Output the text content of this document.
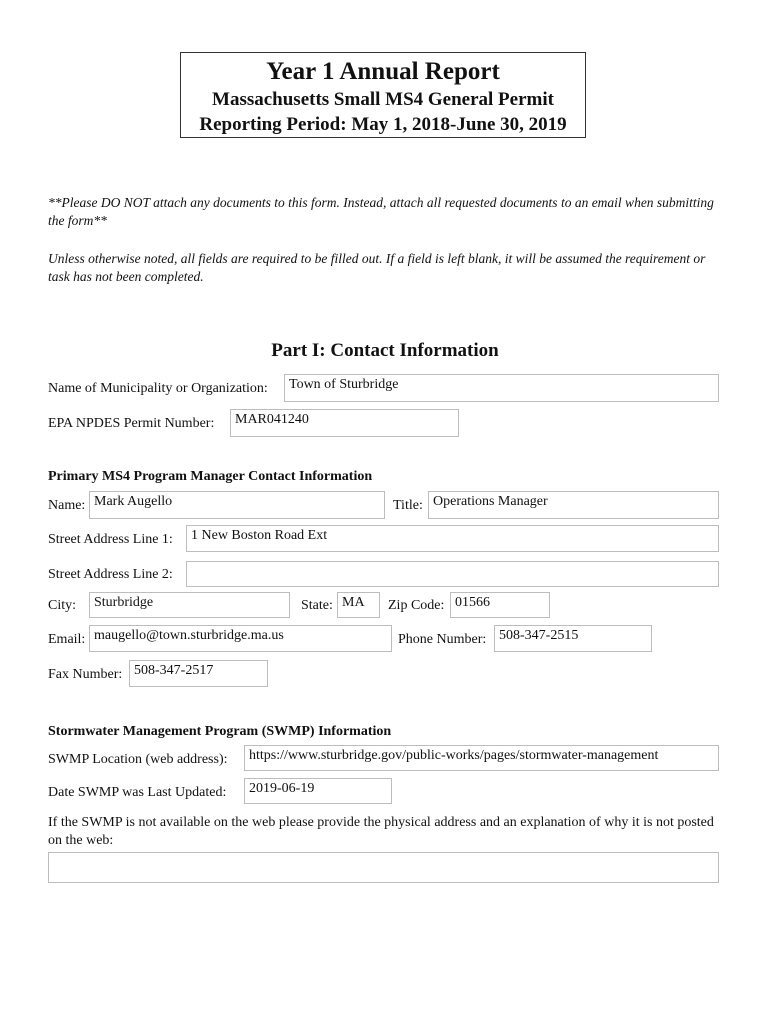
Year 1 Annual Report
Massachusetts Small MS4 General Permit
Reporting Period: May 1, 2018-June 30, 2019
**Please DO NOT attach any documents to this form. Instead, attach all requested documents to an email when submitting the form**
Unless otherwise noted, all fields are required to be filled out. If a field is left blank, it will be assumed the requirement or task has not been completed.
Part I: Contact Information
Name of Municipality or Organization:	Town of Sturbridge
EPA NPDES Permit Number:	MAR041240
Primary MS4 Program Manager Contact Information
Name: Mark Augello	Title: Operations Manager
Street Address Line 1:	1 New Boston Road Ext
Street Address Line 2:
City:	Sturbridge	State: MA	Zip Code: 01566
Email: maugello@town.sturbridge.ma.us	Phone Number: 508-347-2515
Fax Number: 508-347-2517
Stormwater Management Program (SWMP) Information
SWMP Location (web address):	https://www.sturbridge.gov/public-works/pages/stormwater-management
Date SWMP was Last Updated:	2019-06-19
If the SWMP is not available on the web please provide the physical address and an explanation of why it is not posted on the web:
